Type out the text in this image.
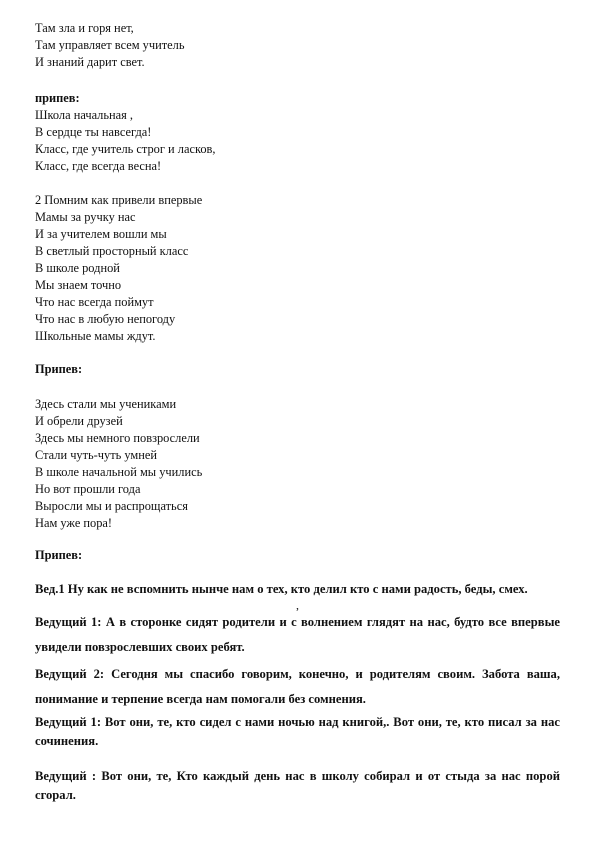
Там зла и горя нет,
Там управляет всем учитель
И знаний дарит свет.
припев:
Школа начальная ,
В сердце ты навсегда!
Класс, где учитель строг и ласков,
Класс, где всегда весна!
2 Помним как привели впервые
Мамы за ручку нас
И за учителем вошли мы
В светлый просторный класс
В школе родной
Мы знаем точно
Что нас всегда поймут
Что нас в любую непогоду
Школьные мамы ждут.
Припев:
Здесь стали мы учениками
И обрели друзей
Здесь мы немного повзрослели
Стали чуть-чуть умней
В школе начальной мы учились
Но вот прошли года
Выросли мы и распрощаться
Нам уже пора!
Припев:
Вед.1 Ну как не вспомнить нынче нам о тех, кто делил кто с нами радость, беды, смех.
,
Ведущий 1: А в сторонке сидят родители и с волнением глядят на нас, будто все впервые увидели повзрослевших своих ребят.
Ведущий 2: Сегодня мы спасибо говорим, конечно, и родителям своим. Забота ваша, понимание и терпение всегда нам помогали без сомнения.
Ведущий 1: Вот они, те, кто сидел с нами ночью над книгой,. Вот они, те, кто писал за нас сочинения.
Ведущий : Вот они, те, Кто каждый день нас в школу собирал и от стыда за нас порой сгорал.
